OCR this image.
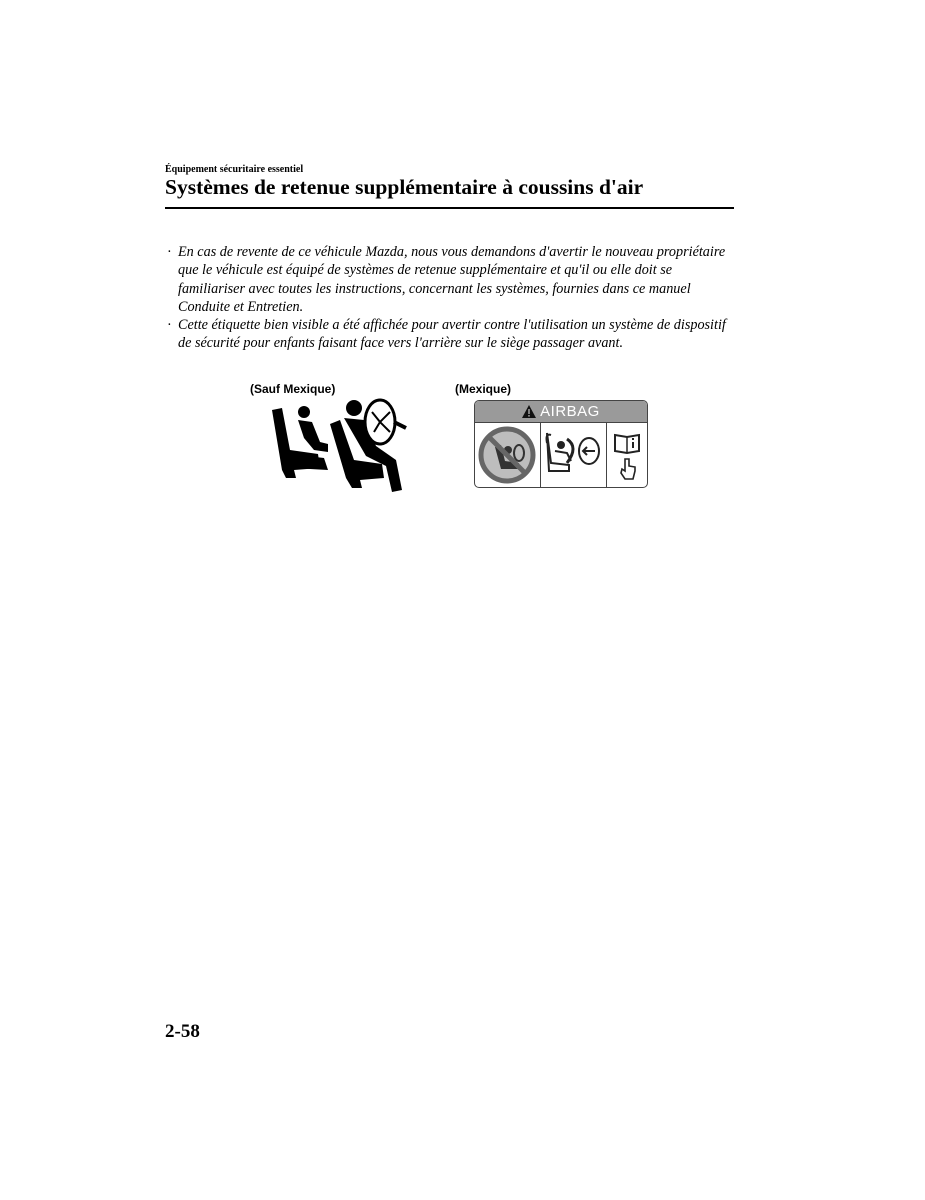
Équipement sécuritaire essentiel
Systèmes de retenue supplémentaire à coussins d'air
· En cas de revente de ce véhicule Mazda, nous vous demandons d'avertir le nouveau propriétaire que le véhicule est équipé de systèmes de retenue supplémentaire et qu'il ou elle doit se familiariser avec toutes les instructions, concernant les systèmes, fournies dans ce manuel Conduite et Entretien.
· Cette étiquette bien visible a été affichée pour avertir contre l'utilisation un système de dispositif de sécurité pour enfants faisant face vers l'arrière sur le siège passager avant.
(Sauf Mexique)	(Mexique)
AIRBAG
2-58
